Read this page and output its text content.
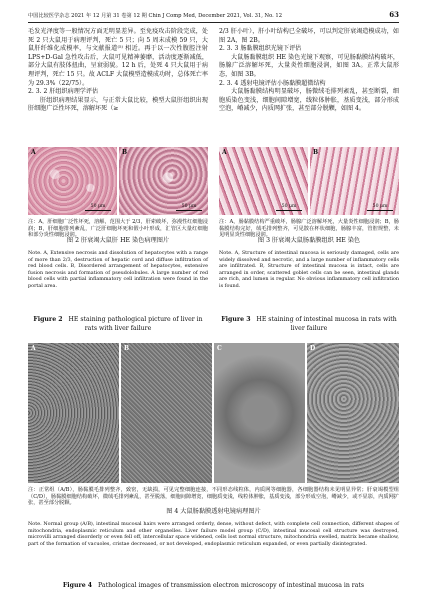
中国比较医学杂志 2021 年 12 月第 31 卷第 12 期 Chin J Comp Med, December 2021, Vol. 31, No. 12	63

毛发光泽度等一般情况方面无明显差异。至免疫攻击阶段完成，处死 2 只大鼠用于病理评判，死亡 5 只；向 5 周末成模 59 只，大鼠肝纤维化成模率，与文献报道⁽⁵⁾ 相近。再于以一次性腹腔注射 LPS+D-Gal 急性攻击后，大鼠可见精神萎靡，活动度逐渐减低，部分大鼠有肢体扭曲，呈衰弱貌。12 h 后，处死 4 只大鼠用于病理评判，死亡 15 只。故 ACLF 大鼠模型造模成功时，总体死亡率为 29.3%（22/75）。

2. 3. 2 肝组织病理学评估

肝组织病理结果显示，与正常大鼠比较，模型大鼠肝组织出现肝细胞广泛性坏死，溶解坏死（≥

2/3 肝小叶），肝小叶结构已全破坏，可以判定肝衰竭造模成功，如图 2A，图 2B。

2. 3. 3 肠黏膜组织光镜下评估

大鼠肠黏膜组织 HE 染色光镜下观察，可见肠黏膜结构破坏，肠腺广泛溶解坏死，大量炎性细胞浸润，如图 3A。正常大鼠形态，如图 3B。

2. 3. 4 透射电镜评估小肠黏膜超微结构

大鼠肠黏膜结构明显破坏，肠微绒毛排列紊乱，甚至断裂，细胞质染色变浅，细胞间隙增宽，线粒体肿胀，基质变浅，部分形成空泡，嵴减少，内质网扩张，甚至部分脱颗，如图 4。

A
50 μm
B
50 μm
注：A，肝细胞广泛性坏死，溶解，范围大于 2/3，肝索破坏，弥漫性红细胞浸润；B，肝细胞排列紊乱，广泛肝细胞坏死和假小叶形成，汇管区大量红细胞和部分炎性细胞浸润。
图 2 肝衰竭大鼠肝 HE 染色病理图片
Note. A, Extensive necrosis and dissolution of hepatocytes with a range of more than 2/3, destruction of hepatic cord and diffuse infiltration of red blood cells. B, Disordered arrangement of hepatocytes, extensive fusion necrosis and formation of pseudolobules. A large number of red blood cells with partial inflammatory cell infiltration were found in the portal area.
Figure 2 HE staining pathological picture of liver in rats with liver failure
A
50 μm
B
50 μm
注：A，肠黏膜结构严重破坏，肠腺广泛溶解坏死，大量炎性细胞浸润；B，肠黏膜结构完好，绒毛排列整齐，可见散在杯状细胞，肠腺丰富，管腔规整，未见明显炎性细胞浸润。
图 3 肝衰竭大鼠肠黏膜组织 HE 染色
Note. A, Structure of intestinal mucosa is seriously damaged, cells are widely dissolved and necrotic, and a large number of inflammatory cells are infiltrated. B, Structure of intestinal mucosa is intact, cells are arranged in order, scattered goblet cells can be seen, intestinal glands are rich, and lumen is regular. No obvious inflammatory cell infiltration is found.
Figure 3 HE staining of intestinal mucosa in rats with liver failure
A	B	C	D
注：正常组（A/B），肠黏膜毛排列整齐，致密，无缺损，可见完整细胞连接，不同形态线粒体，内质网等细胞器，各细胞器结构未见明显异常；肝衰竭模型组（C/D），肠黏膜细胞结构破坏，微绒毛排列紊乱，甚至脱落，细胞间隙增宽，细胞质变浅，线粒体肿胀，基质变浅，部分形成空泡，嵴减少，或不显影，内质网扩张，甚至部分脱颗。
图 4 大鼠肠黏膜透射电镜病理图片
Note. Normal group (A/B), intestinal mucosal hairs were arranged orderly, dense, without defect, with complete cell connection, different shapes of mitochondria, endoplasmic reticulum and other organelles. Liver failure model group (C/D), intestinal mucosal cell structure was destroyed, microvilli arranged disorderly or even fell off, intercellular space widened, cells lost normal structure, mitochondria swelled, matrix became shallow, part of the formation of vacuoles, cristae decreased, or not developed, endoplasmic reticulum expanded, or even partially disintegrated.
Figure 4 Pathological images of transmission electron microscopy of intestinal mucosa in rats
